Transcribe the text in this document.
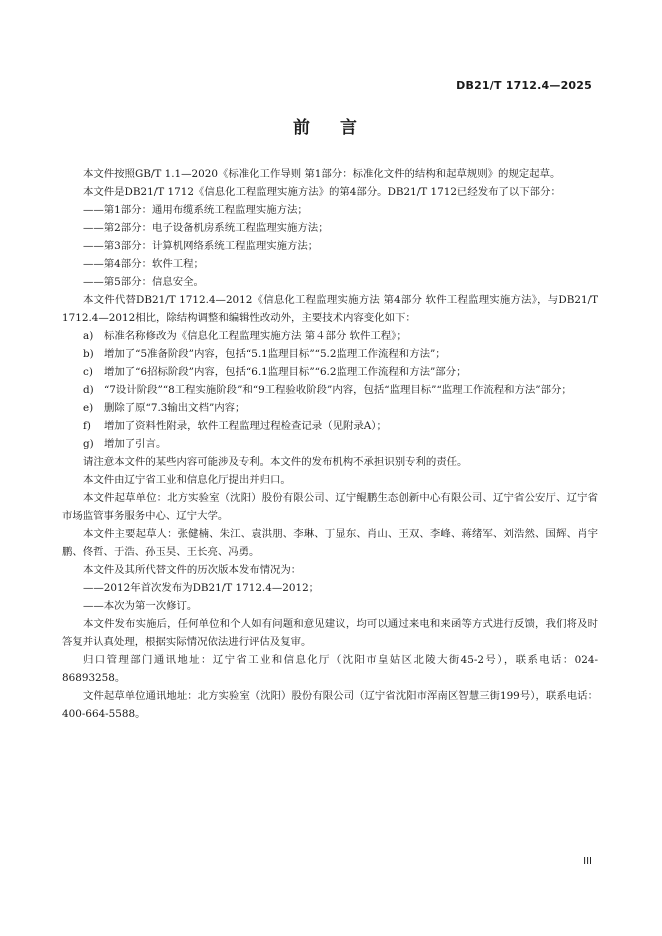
DB21/T 1712.4—2025
前 言

本文件按照GB/T 1.1—2020《标准化工作导则 第1部分：标准化文件的结构和起草规则》的规定起草。

本文件是DB21/T 1712《信息化工程监理实施方法》的第4部分。DB21/T 1712已经发布了以下部分：

——第1部分：通用布缆系统工程监理实施方法；

——第2部分：电子设备机房系统工程监理实施方法；

——第3部分：计算机网络系统工程监理实施方法；

——第4部分：软件工程；

——第5部分：信息安全。

本文件代替DB21/T 1712.4—2012《信息化工程监理实施方法 第4部分 软件工程监理实施方法》，与DB21/T 1712.4—2012相比，除结构调整和编辑性改动外，主要技术内容变化如下：

a) 标准名称修改为《信息化工程监理实施方法 第４部分 软件工程》；
b) 增加了“5准备阶段”内容，包括“5.1监理目标”“5.2监理工作流程和方法”；
c) 增加了“6招标阶段”内容，包括“6.1监理目标”“6.2监理工作流程和方法”部分；
d) “7设计阶段”“8工程实施阶段”和“9工程验收阶段”内容，包括“监理目标”“监理工作流程和方法”部分；
e) 删除了原“7.3输出文档”内容；
f) 增加了资料性附录，软件工程监理过程检查记录（见附录A）；
g) 增加了引言。

请注意本文件的某些内容可能涉及专利。本文件的发布机构不承担识别专利的责任。

本文件由辽宁省工业和信息化厅提出并归口。

本文件起草单位：北方实验室（沈阳）股份有限公司、辽宁鲲鹏生态创新中心有限公司、辽宁省公安厅、辽宁省市场监管事务服务中心、辽宁大学。

本文件主要起草人：张健楠、朱江、袁洪朋、李琳、丁显东、肖山、王双、李峰、蒋绪军、刘浩然、国辉、肖宇鹏、佟哲、于浩、孙玉昊、王长亮、冯勇。

本文件及其所代替文件的历次版本发布情况为：

——2012年首次发布为DB21/T 1712.4—2012；

——本次为第一次修订。

本文件发布实施后，任何单位和个人如有问题和意见建议，均可以通过来电和来函等方式进行反馈，我们将及时答复并认真处理，根据实际情况依法进行评估及复审。

归口管理部门通讯地址：辽宁省工业和信息化厅（沈阳市皇姑区北陵大街45-2号），联系电话：024-86893258。

文件起草单位通讯地址：北方实验室（沈阳）股份有限公司（辽宁省沈阳市浑南区智慧三街199号），联系电话：400-664-5588。

III
